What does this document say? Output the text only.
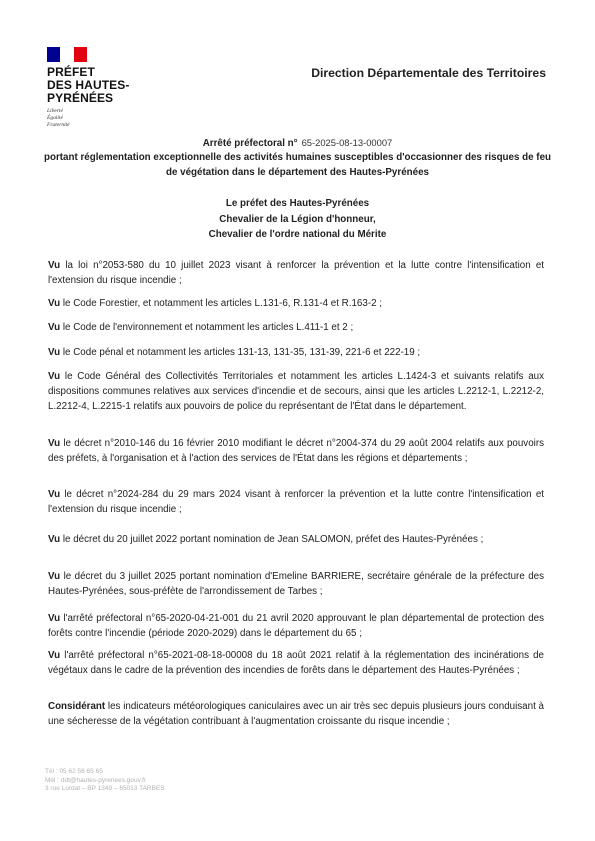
PRÉFET
DES HAUTES-
PYRÉNÉES
Liberté
Égalité
Fraternité
Direction Départementale des Territoires
Arrêté préfectoral n° 65-2025-08-13-00007
portant réglementation exceptionnelle des activités humaines susceptibles d'occasionner des risques de feu de végétation dans le département des Hautes-Pyrénées
Le préfet des Hautes-Pyrénées
Chevalier de la Légion d'honneur,
Chevalier de l'ordre national du Mérite
Vu la loi n°2053-580 du 10 juillet 2023 visant à renforcer la prévention et la lutte contre l'intensification et l'extension du risque incendie ;
Vu le Code Forestier, et notamment les articles L.131-6, R.131-4 et R.163-2 ;
Vu le Code de l'environnement et notamment les articles L.411-1 et 2 ;
Vu le Code pénal et notamment les articles 131-13, 131-35, 131-39, 221-6 et 222-19 ;
Vu le Code Général des Collectivités Territoriales et notamment les articles L.1424-3 et suivants relatifs aux dispositions communes relatives aux services d'incendie et de secours, ainsi que les articles L.2212-1, L.2212-2, L.2212-4, L.2215-1 relatifs aux pouvoirs de police du représentant de l'État dans le département.
Vu le décret n°2010-146 du 16 février 2010 modifiant le décret n°2004-374 du 29 août 2004 relatifs aux pouvoirs des préfets, à l'organisation et à l'action des services de l'État dans les régions et départements ;
Vu le décret n°2024-284 du 29 mars 2024 visant à renforcer la prévention et la lutte contre l'intensification et l'extension du risque incendie ;
Vu le décret du 20 juillet 2022 portant nomination de Jean SALOMON, préfet des Hautes-Pyrénées ;
Vu le décret du 3 juillet 2025 portant nomination d'Emeline BARRIERE, secrétaire générale de la préfecture des Hautes-Pyrénées, sous-préfète de l'arrondissement de Tarbes ;
Vu l'arrêté préfectoral n°65-2020-04-21-001 du 21 avril 2020 approuvant le plan départemental de protection des forêts contre l'incendie (période 2020-2029) dans le département du 65 ;
Vu l'arrêté préfectoral n°65-2021-08-18-00008 du 18 août 2021 relatif à la réglementation des incinérations de végétaux dans le cadre de la prévention des incendies de forêts dans le département des Hautes-Pyrénées ;
Considérant les indicateurs météorologiques caniculaires avec un air très sec depuis plusieurs jours conduisant à une sécheresse de la végétation contribuant à l'augmentation croissante du risque incendie ;
Tél : 05 62 56 65 65
Mél : ddt@hautes-pyrenees.gouv.fr
3 rue Lordat – BP 1349 – 65013 TARBES
